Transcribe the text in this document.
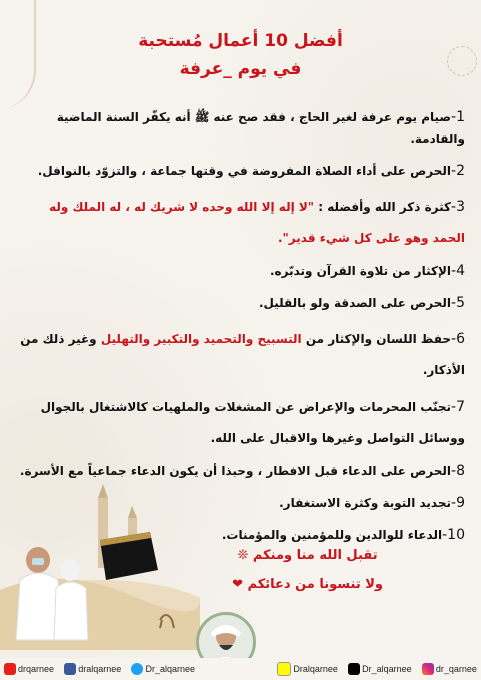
أفضل 10 أعمال مُستحبة
في يوم _عرفة
1-صيام يوم عرفة لغير الحاج ، فقد صح عنه ﷺ أنه يكفّر السنة الماضية والقادمة.
2-الحرص على أداء الصلاة المفروضة في وقتها جماعة ، والتزوّد بالنوافل.
3-كثرة ذكر الله وأفضله : "لا إله إلا الله وحده لا شريك له ، له الملك وله الحمد وهو على كل شيء قدير".
4-الإكثار من تلاوة القرآن وتدبّره.
5-الحرص على الصدقة ولو بالقليل.
6-حفظ اللسان والإكثار من التسبيح والتحميد والتكبير والتهليل وغير ذلك من الأذكار.
7-تجنّب المحرمات والإعراض عن المشغلات والملهيات كالاشتغال بالجوال ووسائل التواصل وغيرها والاقبال على الله.
8-الحرص على الدعاء قبل الافطار ، وحبذا أن يكون الدعاء جماعياً مع الأسرة.
9-تجديد التوبة وكثرة الاستغفار.
10-الدعاء للوالدين وللمؤمنين والمؤمنات.
تقبل الله منا ومنكم ❊
ولا تنسونا من دعائكم ❤
drqarnee	dralqarnee	Dr_alqarnee	Dralqarnee	Dr_alqarnee	dr_qarnee
